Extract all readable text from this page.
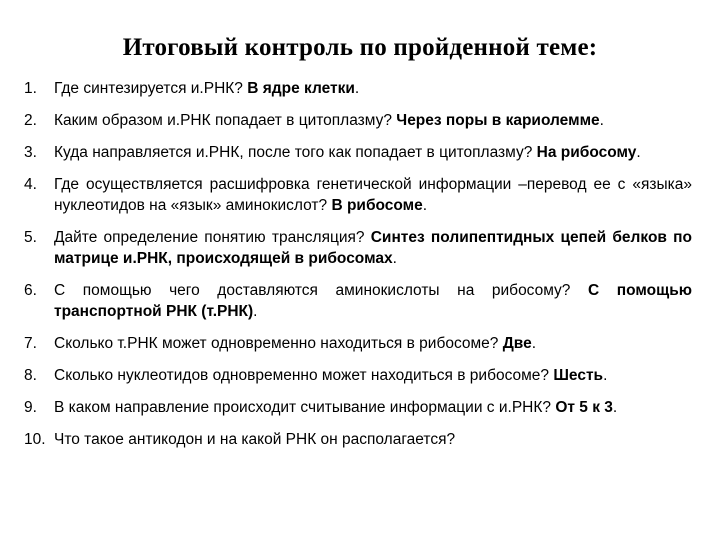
Итоговый контроль по пройденной теме:
1. Где синтезируется и.РНК? В ядре клетки.
2. Каким образом и.РНК попадает в цитоплазму? Через поры в кариолемме.
3. Куда направляется и.РНК, после того как попадает в цитоплазму? На рибосому.
4. Где осуществляется расшифровка генетической информации –перевод ее с «языка» нуклеотидов на «язык» аминокислот? В рибосоме.
5. Дайте определение понятию трансляция? Синтез полипептидных цепей белков по матрице и.РНК, происходящей в рибосомах.
6. С помощью чего доставляются аминокислоты на рибосому? С помощью транспортной РНК (т.РНК).
7. Сколько т.РНК может одновременно находиться в рибосоме? Две.
8. Сколько нуклеотидов одновременно может находиться в рибосоме? Шесть.
9. В каком направление происходит считывание информации с и.РНК? От 5 к 3.
10. Что такое антикодон и на какой РНК он располагается?
